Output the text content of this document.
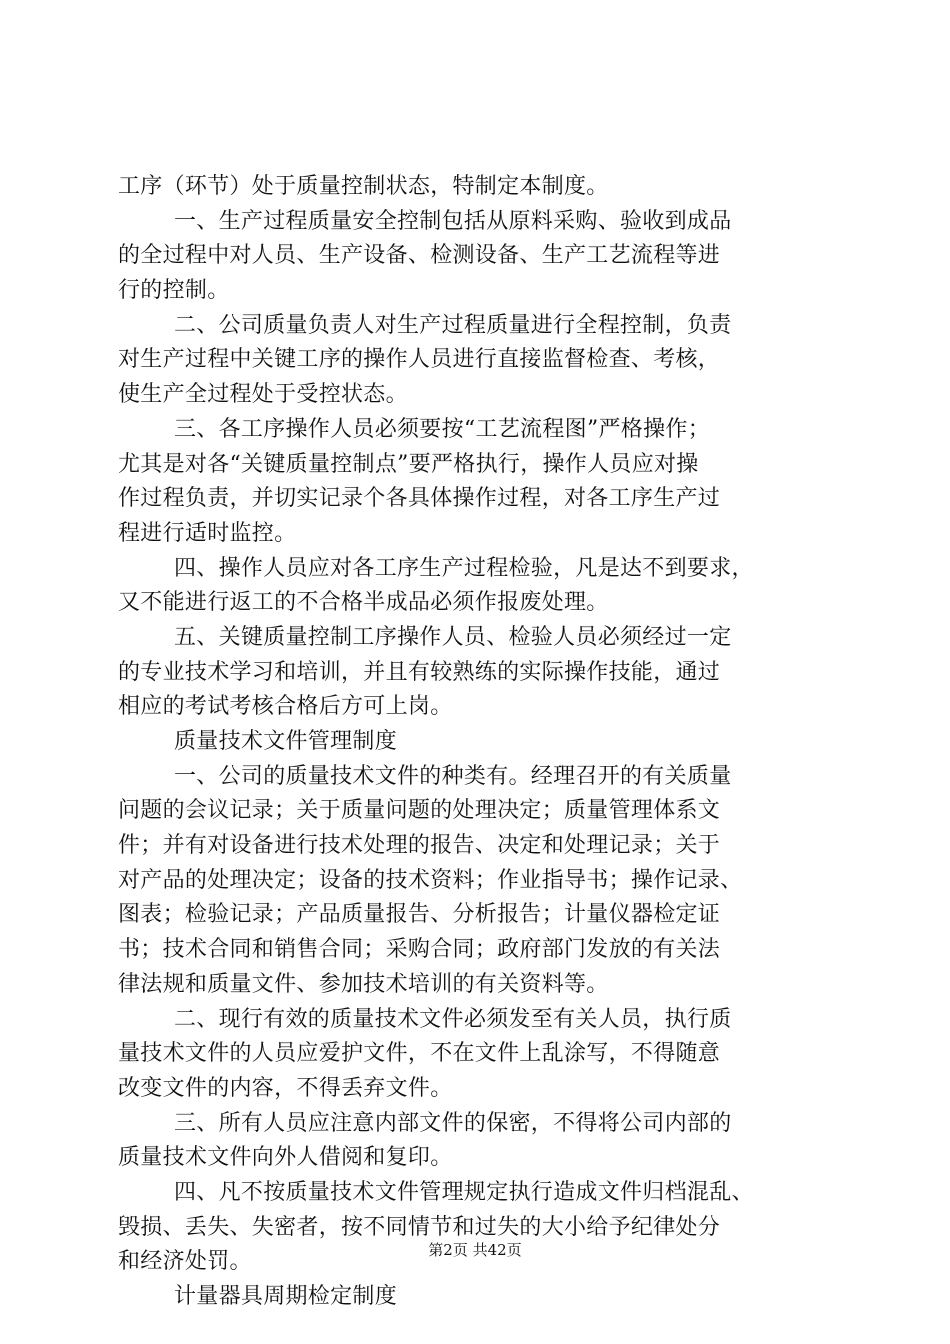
工序（环节）处于质量控制状态，特制定本制度。
一、生产过程质量安全控制包括从原料采购、验收到成品
的全过程中对人员、生产设备、检测设备、生产工艺流程等进
行的控制。
二、公司质量负责人对生产过程质量进行全程控制，负责
对生产过程中关键工序的操作人员进行直接监督检查、考核，
使生产全过程处于受控状态。
三、各工序操作人员必须要按“工艺流程图”严格操作；
尤其是对各“关键质量控制点”要严格执行，操作人员应对操
作过程负责，并切实记录个各具体操作过程，对各工序生产过
程进行适时监控。
四、操作人员应对各工序生产过程检验，凡是达不到要求，
又不能进行返工的不合格半成品必须作报废处理。
五、关键质量控制工序操作人员、检验人员必须经过一定
的专业技术学习和培训，并且有较熟练的实际操作技能，通过
相应的考试考核合格后方可上岗。
质量技术文件管理制度
一、公司的质量技术文件的种类有。经理召开的有关质量
问题的会议记录；关于质量问题的处理决定；质量管理体系文
件；并有对设备进行技术处理的报告、决定和处理记录；关于
对产品的处理决定；设备的技术资料；作业指导书；操作记录、
图表；检验记录；产品质量报告、分析报告；计量仪器检定证
书；技术合同和销售合同；采购合同；政府部门发放的有关法
律法规和质量文件、参加技术培训的有关资料等。
二、现行有效的质量技术文件必须发至有关人员，执行质
量技术文件的人员应爱护文件，不在文件上乱涂写，不得随意
改变文件的内容，不得丢弃文件。
三、所有人员应注意内部文件的保密，不得将公司内部的
质量技术文件向外人借阅和复印。
四、凡不按质量技术文件管理规定执行造成文件归档混乱、
毁损、丢失、失密者，按不同情节和过失的大小给予纪律处分
和经济处罚。
计量器具周期检定制度
第2页 共42页
